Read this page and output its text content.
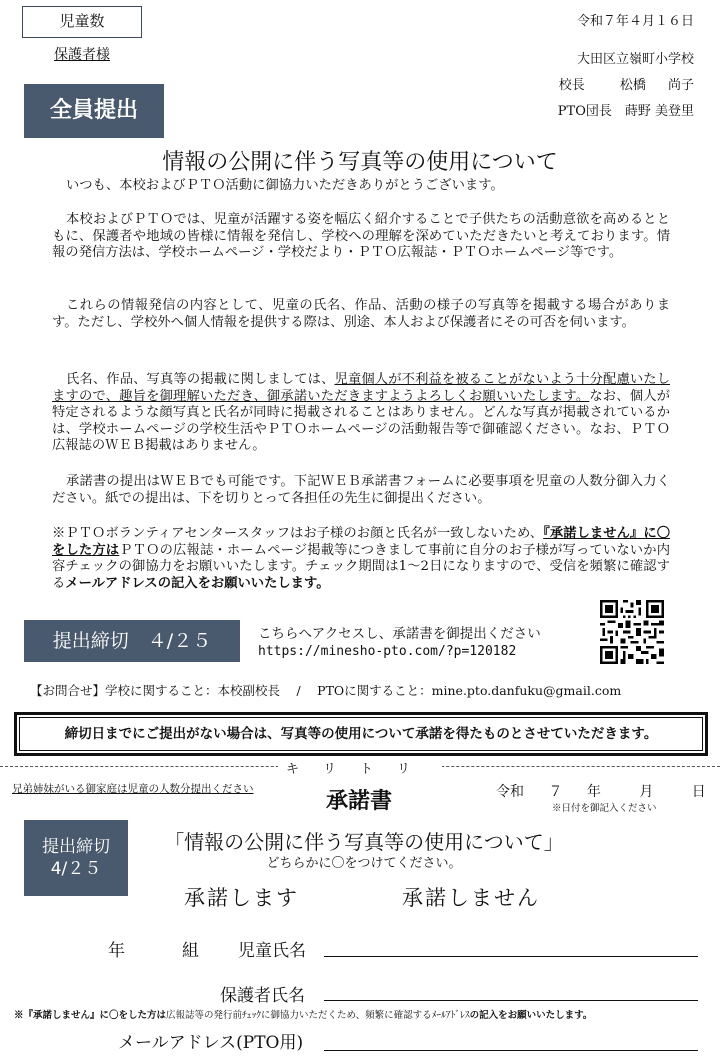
児童数
保護者様
令和７年４月１６日
大田区立嶺町小学校
校長　 松橋 尚子
PTO団長　蒔野 美登里
全員提出
情報の公開に伴う写真等の使用について
いつも、本校およびＰＴＯ活動に御協力いただきありがとうございます。
本校およびＰＴＯでは、児童が活躍する姿を幅広く紹介することで子供たちの活動意欲を高めるとともに、保護者や地域の皆様に情報を発信し、学校への理解を深めていただきたいと考えております。情報の発信方法は、学校ホームページ・学校だより・ＰＴＯ広報誌・ＰＴＯホームページ等です。
これらの情報発信の内容として、児童の氏名、作品、活動の様子の写真等を掲載する場合があります。ただし、学校外へ個人情報を提供する際は、別途、本人および保護者にその可否を伺います。
氏名、作品、写真等の掲載に関しましては、児童個人が不利益を被ることがないよう十分配慮いたしますので、趣旨を御理解いただき、御承諾いただきますようよろしくお願いいたします。なお、個人が特定されるような顔写真と氏名が同時に掲載されることはありません。どんな写真が掲載されているかは、学校ホームページの学校生活やＰＴＯホームページの活動報告等で御確認ください。なお、ＰＴＯ広報誌のＷＥＢ掲載はありません。
承諾書の提出はＷＥＢでも可能です。下記ＷＥＢ承諾書フォームに必要事項を児童の人数分御入力ください。紙での提出は、下を切りとって各担任の先生に御提出ください。
※ＰＴＯボランティアセンタースタッフはお子様のお顔と氏名が一致しないため、『承諾しません』に〇をした方はＰＴＯの広報誌・ホームページ掲載等につきまして事前に自分のお子様が写っていないか内容チェックの御協力をお願いいたします。チェック期間は1～2日になりますので、受信を頻繁に確認するメールアドレスの記入をお願いいたします。
提出締切　４/２５	こちらへアクセスし、承諾書を御提出ください
https://minesho-pto.com/?p=120182
【お問合せ】学校に関すること：本校副校長　 /　 PTOに関すること：mine.pto.danfuku@gmail.com
締切日までにご提出がない場合は、写真等の使用について承諾を得たものとさせていただきます。
キリトリ
兄弟姉妹がいる御家庭は児童の人数分提出ください	承諾書	令和 ７ 年　 月　 日
※日付を御記入ください
提出締切
4/２５
「情報の公開に伴う写真等の使用について」
どちらかに〇をつけてください。
承諾します	承諾しません
年	組 児童氏名
保護者氏名
※『承諾しません』に〇をした方は広報誌等の発行前ﾁｪｯｸに御協力いただくため、頻繁に確認するﾒｰﾙｱﾄﾞﾚｽの記入をお願いいたします。
メールアドレス(PTO用)
